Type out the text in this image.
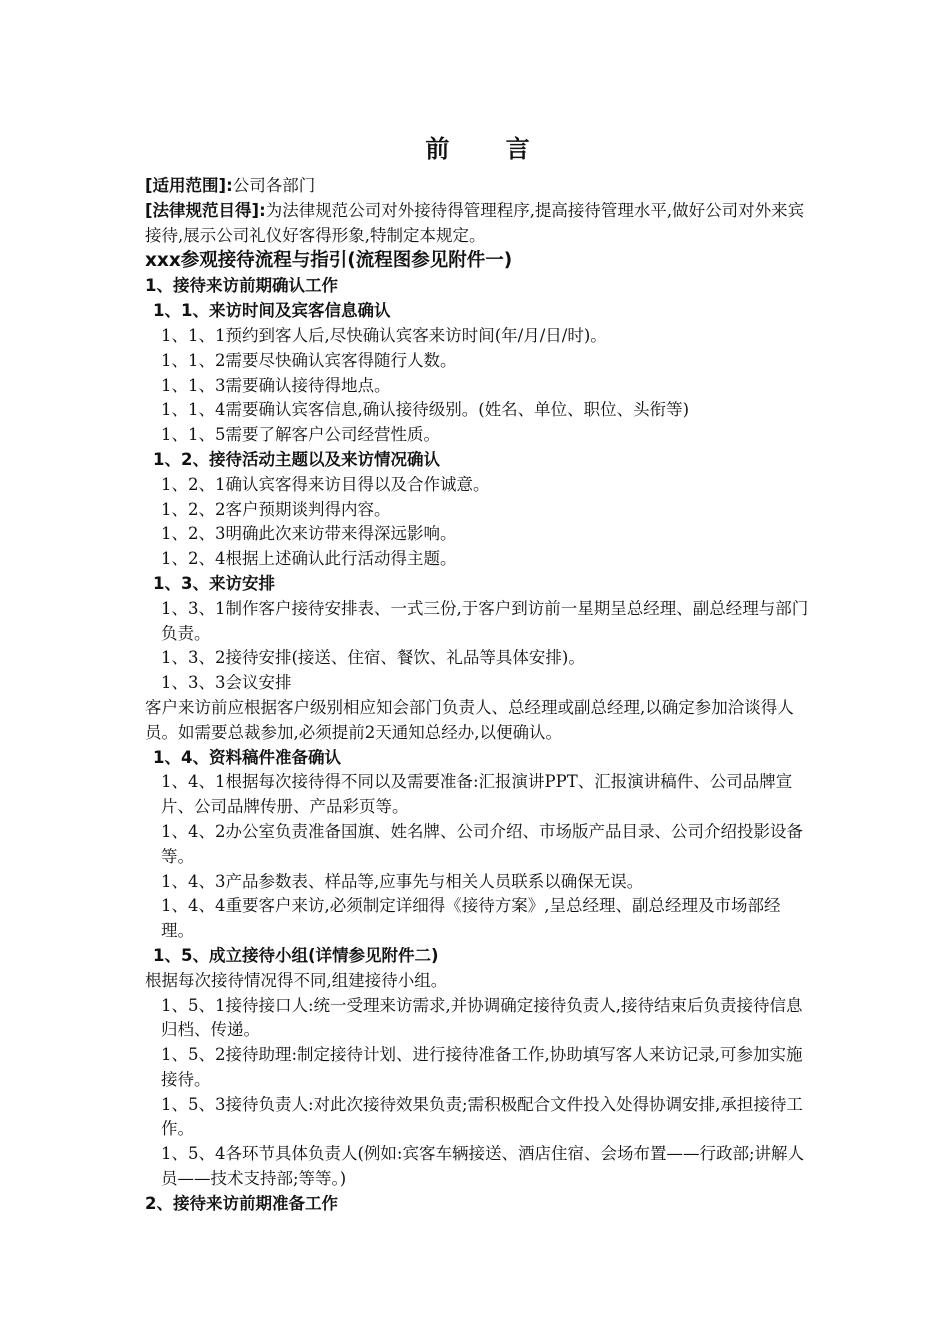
前 言

[适用范围]:公司各部门

[法律规范目得]:为法律规范公司对外接待得管理程序,提高接待管理水平,做好公司对外来宾接待,展示公司礼仪好客得形象,特制定本规定。

xxx参观接待流程与指引(流程图参见附件一)

1、接待来访前期确认工作

1、1、来访时间及宾客信息确认

1、1、1预约到客人后,尽快确认宾客来访时间(年/月/日/时)。

1、1、2需要尽快确认宾客得随行人数。

1、1、3需要确认接待得地点。

1、1、4需要确认宾客信息,确认接待级别。(姓名、单位、职位、头衔等)

1、1、5需要了解客户公司经营性质。

1、2、接待活动主题以及来访情况确认

1、2、1确认宾客得来访目得以及合作诚意。

1、2、2客户预期谈判得内容。

1、2、3明确此次来访带来得深远影响。

1、2、4根据上述确认此行活动得主题。

1、3、来访安排

1、3、1制作客户接待安排表、一式三份,于客户到访前一星期呈总经理、副总经理与部门负责。

1、3、2接待安排(接送、住宿、餐饮、礼品等具体安排)。

1、3、3会议安排

客户来访前应根据客户级别相应知会部门负责人、总经理或副总经理,以确定参加洽谈得人员。如需要总裁参加,必须提前2天通知总经办,以便确认。

1、4、资料稿件准备确认

1、4、1根据每次接待得不同以及需要准备:汇报演讲PPT、汇报演讲稿件、公司品牌宣片、公司品牌传册、产品彩页等。

1、4、2办公室负责准备国旗、姓名牌、公司介绍、市场版产品目录、公司介绍投影设备等。

1、4、3产品参数表、样品等,应事先与相关人员联系以确保无误。

1、4、4重要客户来访,必须制定详细得《接待方案》,呈总经理、副总经理及市场部经理。

1、5、成立接待小组(详情参见附件二)

根据每次接待情况得不同,组建接待小组。

1、5、1接待接口人:统一受理来访需求,并协调确定接待负责人,接待结束后负责接待信息归档、传递。

1、5、2接待助理:制定接待计划、进行接待准备工作,协助填写客人来访记录,可参加实施接待。

1、5、3接待负责人:对此次接待效果负责;需积极配合文件投入处得协调安排,承担接待工作。

1、5、4各环节具体负责人(例如:宾客车辆接送、酒店住宿、会场布置——行政部;讲解人员——技术支持部;等等。)

2、接待来访前期准备工作
